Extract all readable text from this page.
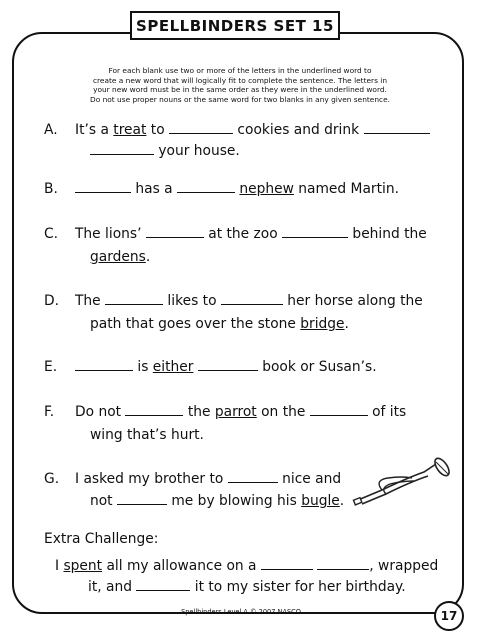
SPELLBINDERS SET 15
For each blank use two or more of the letters in the underlined word to
create a new word that will logically fit to complete the sentence. The letters in
your new word must be in the same order as they were in the underlined word.
Do not use proper nouns or the same word for two blanks in any given sentence.
A. It’s a treat to	cookies and drink
your house.
B.	has a	nephew named Martin.
C. The lions’	at the zoo	behind the
gardens.
D. The	likes to	her horse along the
path that goes over the stone bridge.
E.	is either	book or Susan’s.
F. Do not	the parrot on the	of its
wing that’s hurt.
G. I asked my brother to	nice and
not	me by blowing his bugle.
Extra Challenge:
I spent all my allowance on a	, wrapped
it, and	it to my sister for her birthday.
Spellbinders Level A © 2007 NASCO	17
